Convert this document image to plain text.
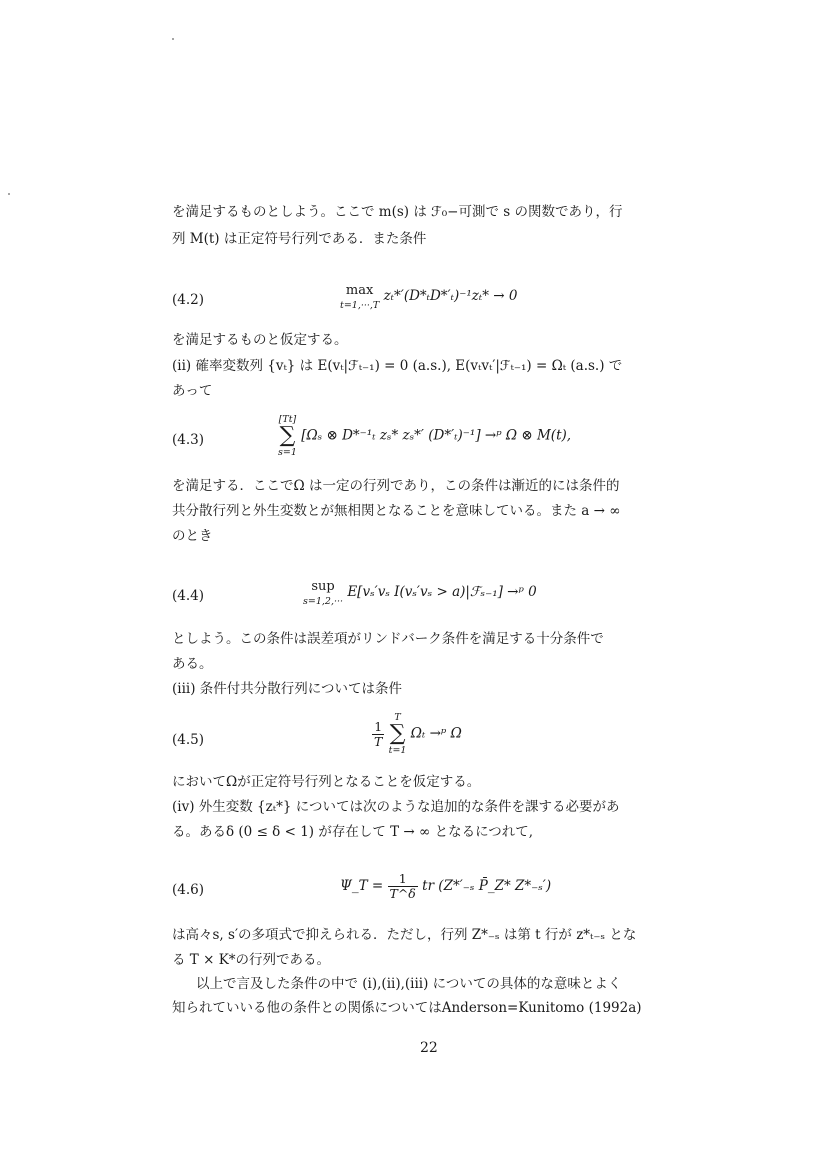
を満足するものとしよう。ここで m(s) は ℱ₀−可測で s の関数であり，行
列 M(t) は正定符号行列である．また条件
(4.2)
max
t=1,···,T
zₜ*′(D*ₜD*′ₜ)⁻¹zₜ* → 0
を満足するものと仮定する。
(ii) 確率変数列 {vₜ} は E(vₜ|ℱₜ₋₁) = 0 (a.s.), E(vₜvₜ′|ℱₜ₋₁) = Ωₜ (a.s.) で
あって
(4.3)
[Tt]
∑
s=1
[Ωₛ ⊗ D*⁻¹ₜ zₛ* zₛ*′ (D*′ₜ)⁻¹] →ᵖ Ω ⊗ M(t),
を満足する．ここでΩ は一定の行列であり，この条件は漸近的には条件的
共分散行列と外生変数とが無相関となることを意味している。また a → ∞
のとき
(4.4)
sup
s=1,2,···
E[vₛ′vₛ I(vₛ′vₛ > a)|ℱₛ₋₁] →ᵖ 0
としよう。この条件は誤差項がリンドバーク条件を満足する十分条件で
ある。
(iii) 条件付共分散行列については条件
(4.5)	$\frac{1}{T}$

T
∑
t=1
Ωₜ →ᵖ Ω
においてΩが正定符号行列となることを仮定する。
(iv) 外生変数 {zₜ*} については次のような追加的な条件を課する必要があ
る。あるδ (0 ≤ δ < 1) が存在して T → ∞ となるにつれて,
(4.6)	Ψ_T = $\frac{1}{T\^{}\delta}$ tr (Z*′₋ₛ P̄_Z* Z*₋ₛ′)
は高々s, s′の多項式で抑えられる．ただし，行列 Z*₋ₛ は第 t 行が z*ₜ₋ₛ とな
る T × K*の行列である。
以上で言及した条件の中で (i),(ii),(iii) についての具体的な意味とよく
知られていいる他の条件との関係についてはAnderson=Kunitomo (1992a)
22
